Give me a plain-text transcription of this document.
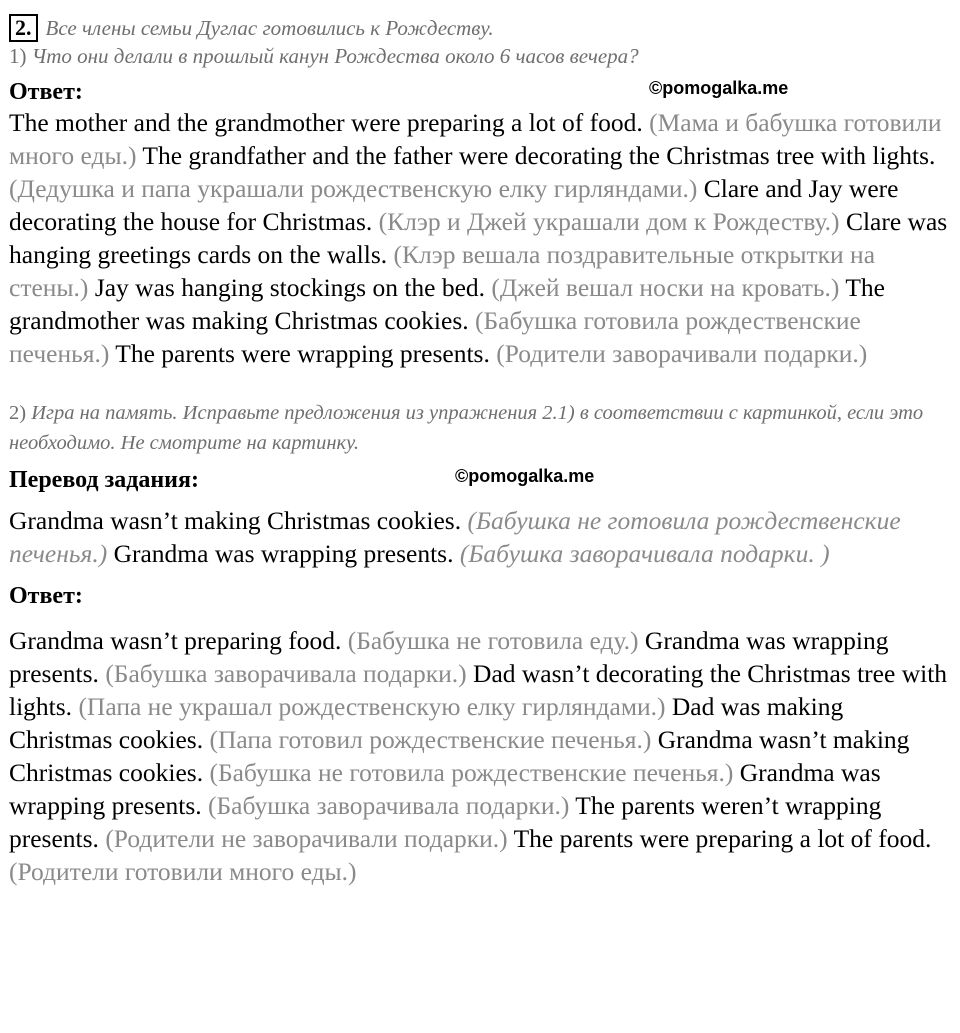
2. Все члены семьи Дуглас готовились к Рождеству.
1) Что они делали в прошлый канун Рождества около 6 часов вечера?
Ответ:	©pomogalka.me
The mother and the grandmother were preparing a lot of food. (Мама и бабушка готовили много еды.) The grandfather and the father were decorating the Christmas tree with lights. (Дедушка и папа украшали рождественскую елку гирляндами.) Clare and Jay were decorating the house for Christmas. (Клэр и Джей украшали дом к Рождеству.) Clare was hanging greetings cards on the walls. (Клэр вешала поздравительные открытки на стены.) Jay was hanging stockings on the bed. (Джей вешал носки на кровать.) The grandmother was making Christmas cookies. (Бабушка готовила рождественские печенья.) The parents were wrapping presents. (Родители заворачивали подарки.)
2) Игра на память. Исправьте предложения из упражнения 2.1) в соответствии с картинкой, если это необходимо. Не смотрите на картинку.
Перевод задания:	©pomogalka.me
Grandma wasn’t making Christmas cookies. (Бабушка не готовила рождественские печенья.) Grandma was wrapping presents. (Бабушка заворачивала подарки. )
Ответ:
Grandma wasn’t preparing food. (Бабушка не готовила еду.) Grandma was wrapping presents. (Бабушка заворачивала подарки.) Dad wasn’t decorating the Christmas tree with lights. (Папа не украшал рождественскую елку гирляндами.) Dad was making Christmas cookies. (Папа готовил рождественские печенья.) Grandma wasn’t making Christmas cookies. (Бабушка не готовила рождественские печенья.) Grandma was wrapping presents. (Бабушка заворачивала подарки.) The parents weren’t wrapping presents. (Родители не заворачивали подарки.) The parents were preparing a lot of food. (Родители готовили много еды.)
